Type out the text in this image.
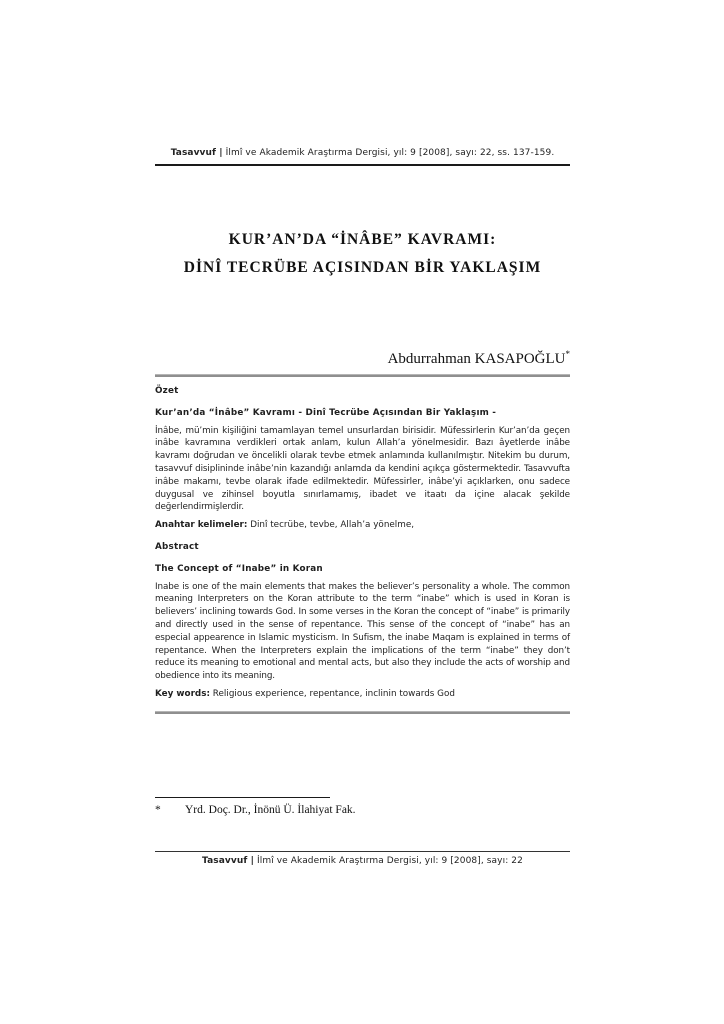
Tasavvuf | İlmî ve Akademik Araştırma Dergisi, yıl: 9 [2008], sayı: 22, ss. 137-159.
KUR’AN’DA “İNÂBE” KAVRAMI:
DİNÎ TECRÜBE AÇISINDAN BİR YAKLAŞIM
Abdurrahman KASAPOĞLU*

Özet

Kur’an’da “İnâbe” Kavramı - Dinî Tecrübe Açısından Bir Yaklaşım -

İnâbe, mü’min kişiliğini tamamlayan temel unsurlardan birisidir. Müfessirlerin Kur’an’da geçen inâbe kavramına verdikleri ortak anlam, kulun Allah’a yönelmesidir. Bazı âyetlerde inâbe kavramı doğrudan ve öncelikli olarak tevbe etmek anlamında kullanılmıştır. Nitekim bu durum, tasavvuf disiplininde inâbe’nin kazandığı anlamda da kendini açıkça göstermektedir. Tasavvufta inâbe makamı, tevbe olarak ifade edilmektedir. Müfessirler, inâbe’yi açıklarken, onu sadece duygusal ve zihinsel boyutla sınırlamamış, ibadet ve itaatı da içine alacak şekilde değerlendirmişlerdir.

Anahtar kelimeler: Dinî tecrübe, tevbe, Allah’a yönelme,

Abstract

The Concept of “Inabe” in Koran

Inabe is one of the main elements that makes the believer’s personality a whole. The common meaning Interpreters on the Koran attribute to the term “inabe” which is used in Koran is believers’ inclining towards God. In some verses in the Koran the concept of “inabe” is primarily and directly used in the sense of repentance. This sense of the concept of “inabe” has an especial appearence in Islamic mysticism. In Sufism, the inabe Maqam is explained in terms of repentance. When the Interpreters explain the implications of the term “inabe” they don’t reduce its meaning to emotional and mental acts, but also they include the acts of worship and obedience into its meaning.

Key words: Religious experience, repentance, inclinin towards God

*	Yrd. Doç. Dr., İnönü Ü. İlahiyat Fak.
Tasavvuf | İlmî ve Akademik Araştırma Dergisi, yıl: 9 [2008], sayı: 22
